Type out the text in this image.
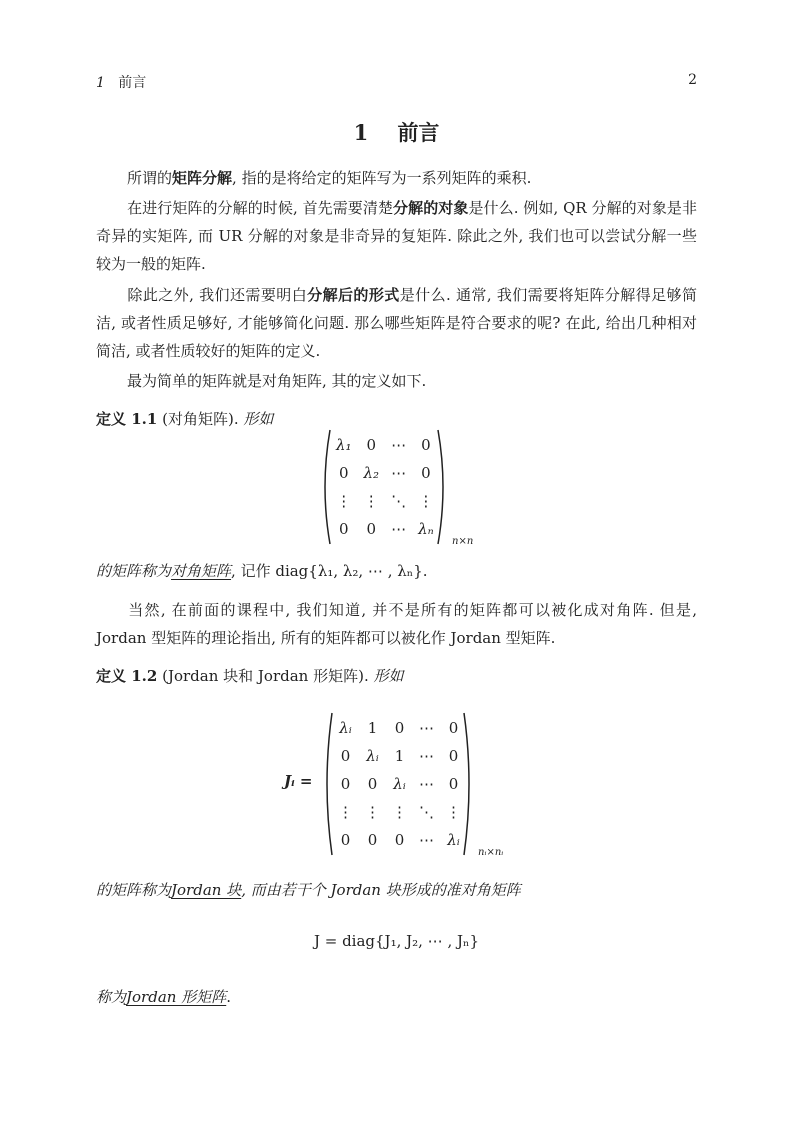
1 前言	2
1 前言
所谓的矩阵分解, 指的是将给定的矩阵写为一系列矩阵的乘积.
在进行矩阵的分解的时候, 首先需要清楚分解的对象是什么. 例如, QR 分解的对象是非奇异的实矩阵, 而 UR 分解的对象是非奇异的复矩阵. 除此之外, 我们也可以尝试分解一些较为一般的矩阵.
除此之外, 我们还需要明白分解后的形式是什么. 通常, 我们需要将矩阵分解得足够简洁, 或者性质足够好, 才能够简化问题. 那么哪些矩阵是符合要求的呢? 在此, 给出几种相对简洁, 或者性质较好的矩阵的定义.
最为简单的矩阵就是对角矩阵, 其的定义如下.
定义 1.1 (对角矩阵). 形如
λ₁	0	⋯	0
0	λ₂	⋯	0
⋮	⋮	⋱	⋮
0	0	⋯	λₙ
n×n
的矩阵称为对角矩阵, 记作 diag{λ₁, λ₂, ⋯ , λₙ}.
当然, 在前面的课程中, 我们知道, 并不是所有的矩阵都可以被化成对角阵. 但是, Jordan 型矩阵的理论指出, 所有的矩阵都可以被化作 Jordan 型矩阵.
定义 1.2 (Jordan 块和 Jordan 形矩阵). 形如
Jᵢ =
λᵢ	1	0	⋯	0
0	λᵢ	1	⋯	0
0	0	λᵢ	⋯	0
⋮	⋮	⋮	⋱	⋮
0	0	0	⋯	λᵢ
nᵢ×nᵢ
的矩阵称为Jordan 块, 而由若干个 Jordan 块形成的准对角矩阵
J = diag{J₁, J₂, ⋯ , Jₙ}
称为Jordan 形矩阵.
